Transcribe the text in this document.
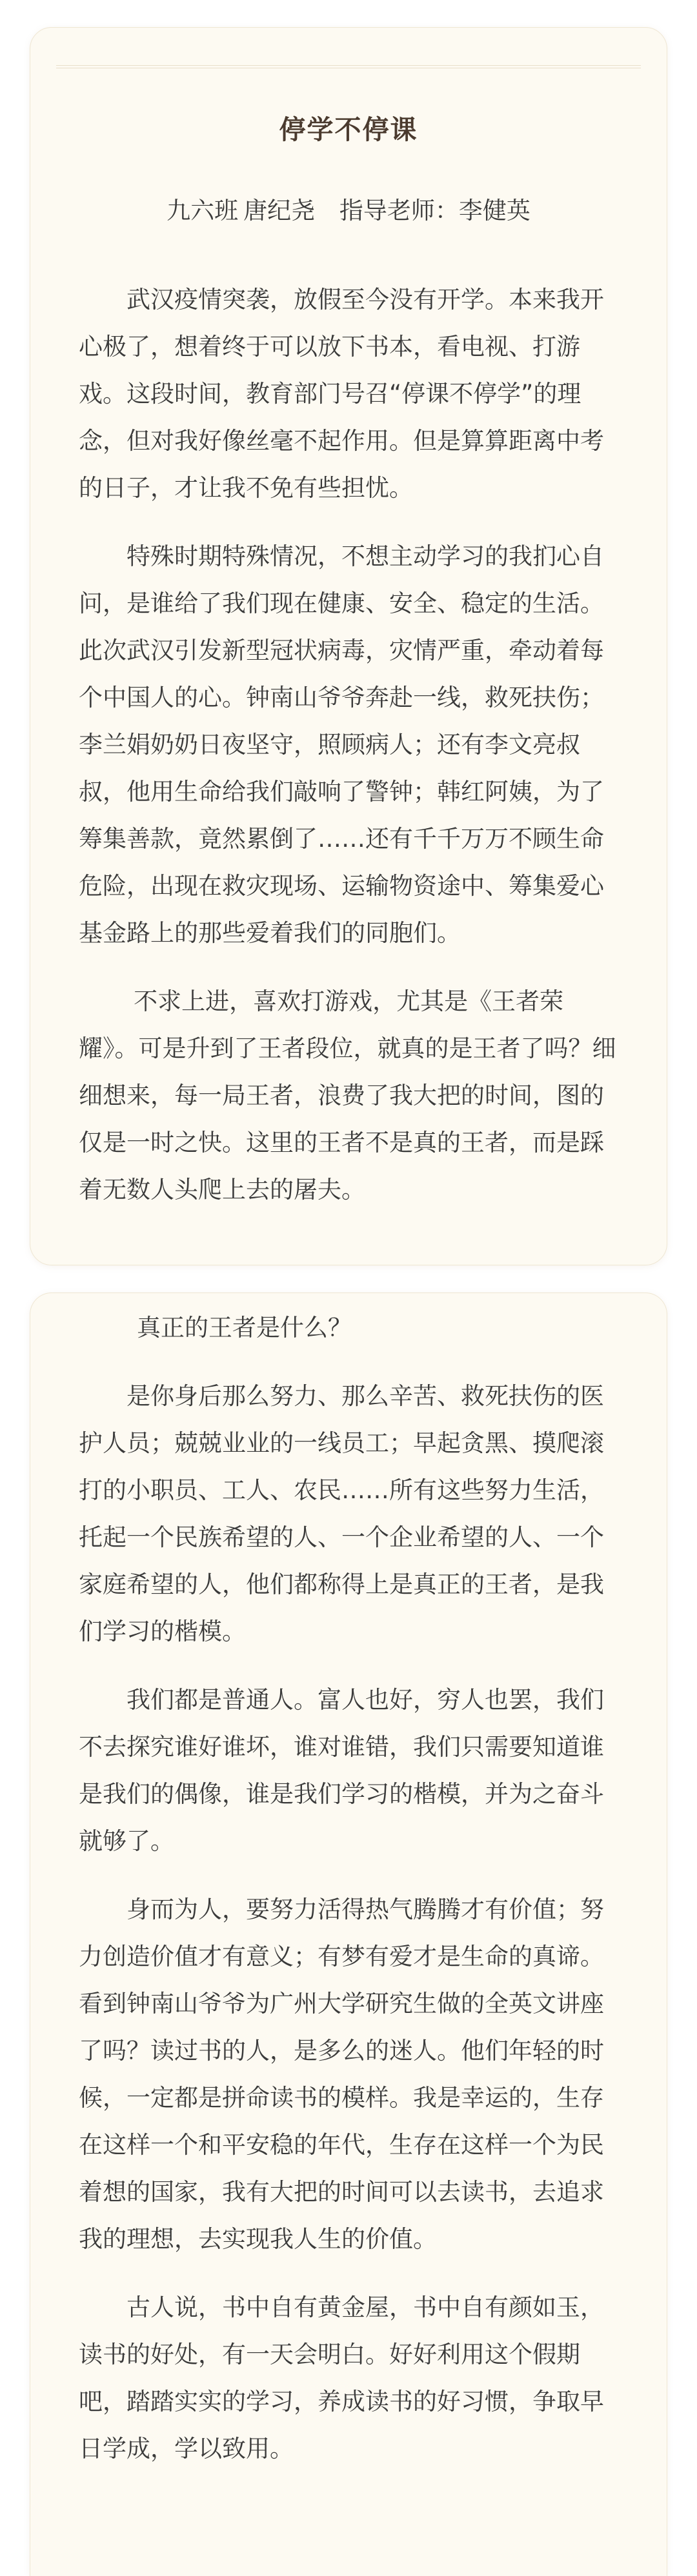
停学不停课
九六班 唐纪尧 指导老师：李健英

武汉疫情突袭，放假至今没有开学。本来我开心极了，想着终于可以放下书本，看电视、打游戏。这段时间，教育部门号召“停课不停学”的理念，但对我好像丝毫不起作用。但是算算距离中考的日子，才让我不免有些担忧。

特殊时期特殊情况，不想主动学习的我扪心自问，是谁给了我们现在健康、安全、稳定的生活。此次武汉引发新型冠状病毒，灾情严重，牵动着每个中国人的心。钟南山爷爷奔赴一线，救死扶伤；李兰娟奶奶日夜坚守，照顾病人；还有李文亮叔叔，他用生命给我们敲响了警钟；韩红阿姨，为了筹集善款，竟然累倒了……还有千千万万不顾生命危险，出现在救灾现场、运输物资途中、筹集爱心基金路上的那些爱着我们的同胞们。

不求上进，喜欢打游戏，尤其是《王者荣耀》。可是升到了王者段位，就真的是王者了吗？细细想来，每一局王者，浪费了我大把的时间，图的仅是一时之快。这里的王者不是真的王者，而是踩着无数人头爬上去的屠夫。

真正的王者是什么？

是你身后那么努力、那么辛苦、救死扶伤的医护人员；兢兢业业的一线员工；早起贪黑、摸爬滚打的小职员、工人、农民……所有这些努力生活，托起一个民族希望的人、一个企业希望的人、一个家庭希望的人，他们都称得上是真正的王者，是我们学习的楷模。

我们都是普通人。富人也好，穷人也罢，我们不去探究谁好谁坏，谁对谁错，我们只需要知道谁是我们的偶像，谁是我们学习的楷模，并为之奋斗就够了。

身而为人，要努力活得热气腾腾才有价值；努力创造价值才有意义；有梦有爱才是生命的真谛。看到钟南山爷爷为广州大学研究生做的全英文讲座了吗？读过书的人，是多么的迷人。他们年轻的时候，一定都是拼命读书的模样。我是幸运的，生存在这样一个和平安稳的年代，生存在这样一个为民着想的国家，我有大把的时间可以去读书，去追求我的理想，去实现我人生的价值。

古人说，书中自有黄金屋，书中自有颜如玉，读书的好处，有一天会明白。好好利用这个假期吧，踏踏实实的学习，养成读书的好习惯，争取早日学成，学以致用。
